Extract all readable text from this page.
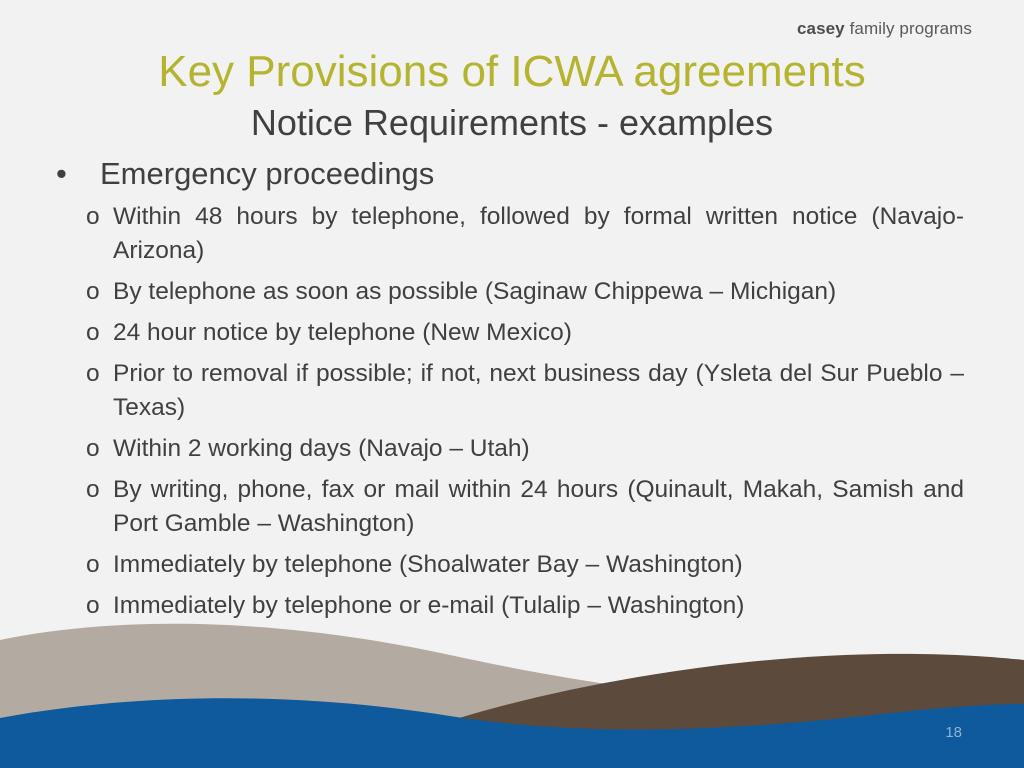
casey family programs
Key Provisions of ICWA agreements
Notice Requirements - examples
• Emergency proceedings
o Within 48 hours by telephone, followed by formal written notice (Navajo-Arizona)
o By telephone as soon as possible (Saginaw Chippewa – Michigan)
o 24 hour notice by telephone (New Mexico)
o Prior to removal if possible; if not, next business day (Ysleta del Sur Pueblo – Texas)
o Within 2 working days (Navajo – Utah)
o By writing, phone, fax or mail within 24 hours (Quinault, Makah, Samish and Port Gamble – Washington)
o Immediately by telephone (Shoalwater Bay – Washington)
o Immediately by telephone or e-mail (Tulalip – Washington)
18
